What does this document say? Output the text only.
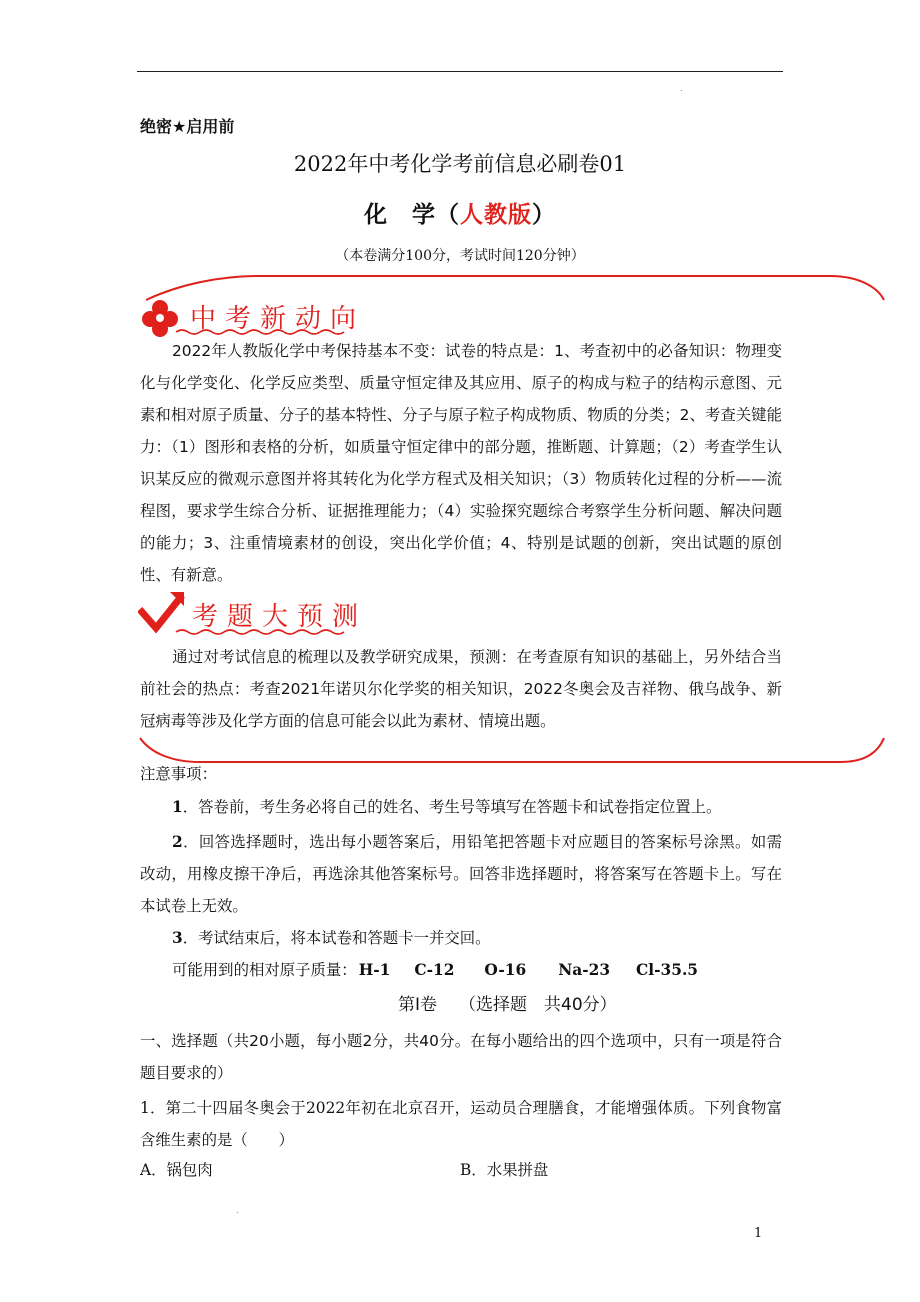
.
绝密★启用前
2022年中考化学考前信息必刷卷01
化　学（人教版）
（本卷满分100分，考试时间120分钟）
中考新动向
2022年人教版化学中考保持基本不变：试卷的特点是：1、考查初中的必备知识：物理变化与化学变化、化学反应类型、质量守恒定律及其应用、原子的构成与粒子的结构示意图、元素和相对原子质量、分子的基本特性、分子与原子粒子构成物质、物质的分类；2、考查关键能力：（1）图形和表格的分析，如质量守恒定律中的部分题，推断题、计算题；（2）考查学生认识某反应的微观示意图并将其转化为化学方程式及相关知识；（3）物质转化过程的分析——流程图，要求学生综合分析、证据推理能力；（4）实验探究题综合考察学生分析问题、解决问题的能力；3、注重情境素材的创设，突出化学价值；4、特别是试题的创新，突出试题的原创性、有新意。
考题大预测
通过对考试信息的梳理以及教学研究成果，预测：在考查原有知识的基础上，另外结合当前社会的热点：考查2021年诺贝尔化学奖的相关知识，2022冬奥会及吉祥物、俄乌战争、新冠病毒等涉及化学方面的信息可能会以此为素材、情境出题。
注意事项：
1．答卷前，考生务必将自己的姓名、考生号等填写在答题卡和试卷指定位置上。
2．回答选择题时，选出每小题答案后，用铅笔把答题卡对应题目的答案标号涂黑。如需改动，用橡皮擦干净后，再选涂其他答案标号。回答非选择题时，将答案写在答题卡上。写在本试卷上无效。
3．考试结束后，将本试卷和答题卡一并交回。
可能用到的相对原子质量： H-1 C-12 O-16 Na-23 Cl-35.5
第Ⅰ卷 （选择题　共40分）
一、选择题（共20小题，每小题2分，共40分。在每小题给出的四个选项中，只有一项是符合题目要求的）
1．第二十四届冬奥会于2022年初在北京召开，运动员合理膳食，才能增强体质。下列食物富含维生素的是（　　）
A．锅包肉	B．水果拼盘
.
1
